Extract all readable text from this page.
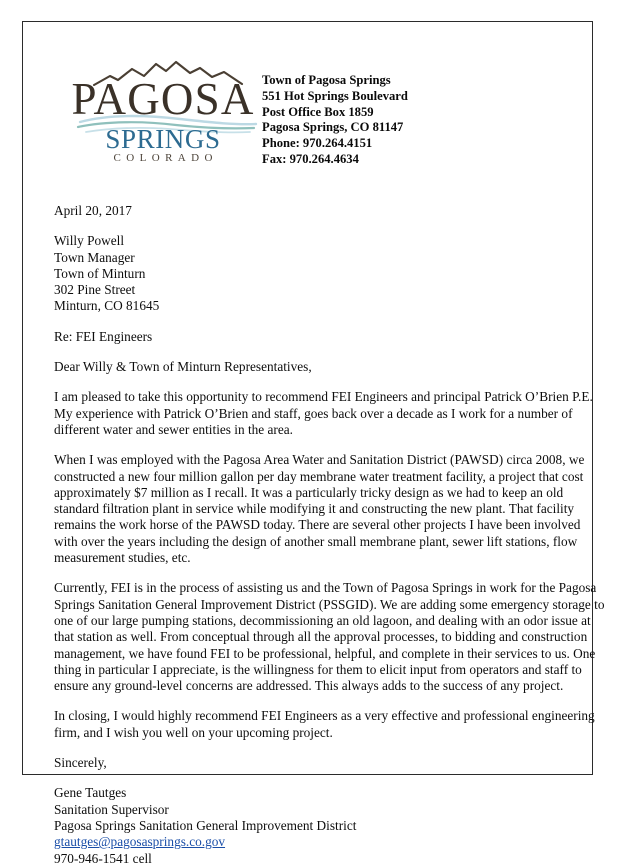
PAGOSA
SPRINGS
COLORADO
Town of Pagosa Springs
551 Hot Springs Boulevard
Post Office Box 1859
Pagosa Springs, CO 81147
Phone: 970.264.4151
Fax: 970.264.4634
April 20, 2017
Willy Powell
Town Manager
Town of Minturn
302 Pine Street
Minturn, CO 81645
Re: FEI Engineers
Dear Willy & Town of Minturn Representatives,

I am pleased to take this opportunity to recommend FEI Engineers and principal Patrick O’Brien P.E. My experience with Patrick O’Brien and staff, goes back over a decade as I work for a number of different water and sewer entities in the area.

When I was employed with the Pagosa Area Water and Sanitation District (PAWSD) circa 2008, we constructed a new four million gallon per day membrane water treatment facility, a project that cost approximately $7 million as I recall. It was a particularly tricky design as we had to keep an old standard filtration plant in service while modifying it and constructing the new plant. That facility remains the work horse of the PAWSD today. There are several other projects I have been involved with over the years including the design of another small membrane plant, sewer lift stations, flow measurement studies, etc.

Currently, FEI is in the process of assisting us and the Town of Pagosa Springs in work for the Pagosa Springs Sanitation General Improvement District (PSSGID). We are adding some emergency storage to one of our large pumping stations, decommissioning an old lagoon, and dealing with an odor issue at that station as well. From conceptual through all the approval processes, to bidding and construction management, we have found FEI to be professional, helpful, and complete in their services to us. One thing in particular I appreciate, is the willingness for them to elicit input from operators and staff to ensure any ground-level concerns are addressed. This always adds to the success of any project.

In closing, I would highly recommend FEI Engineers as a very effective and professional engineering firm, and I wish you well on your upcoming project.

Sincerely,
Gene Tautges
Sanitation Supervisor
Pagosa Springs Sanitation General Improvement District
gtautges@pagosasprings.co.gov
970-946-1541 cell
